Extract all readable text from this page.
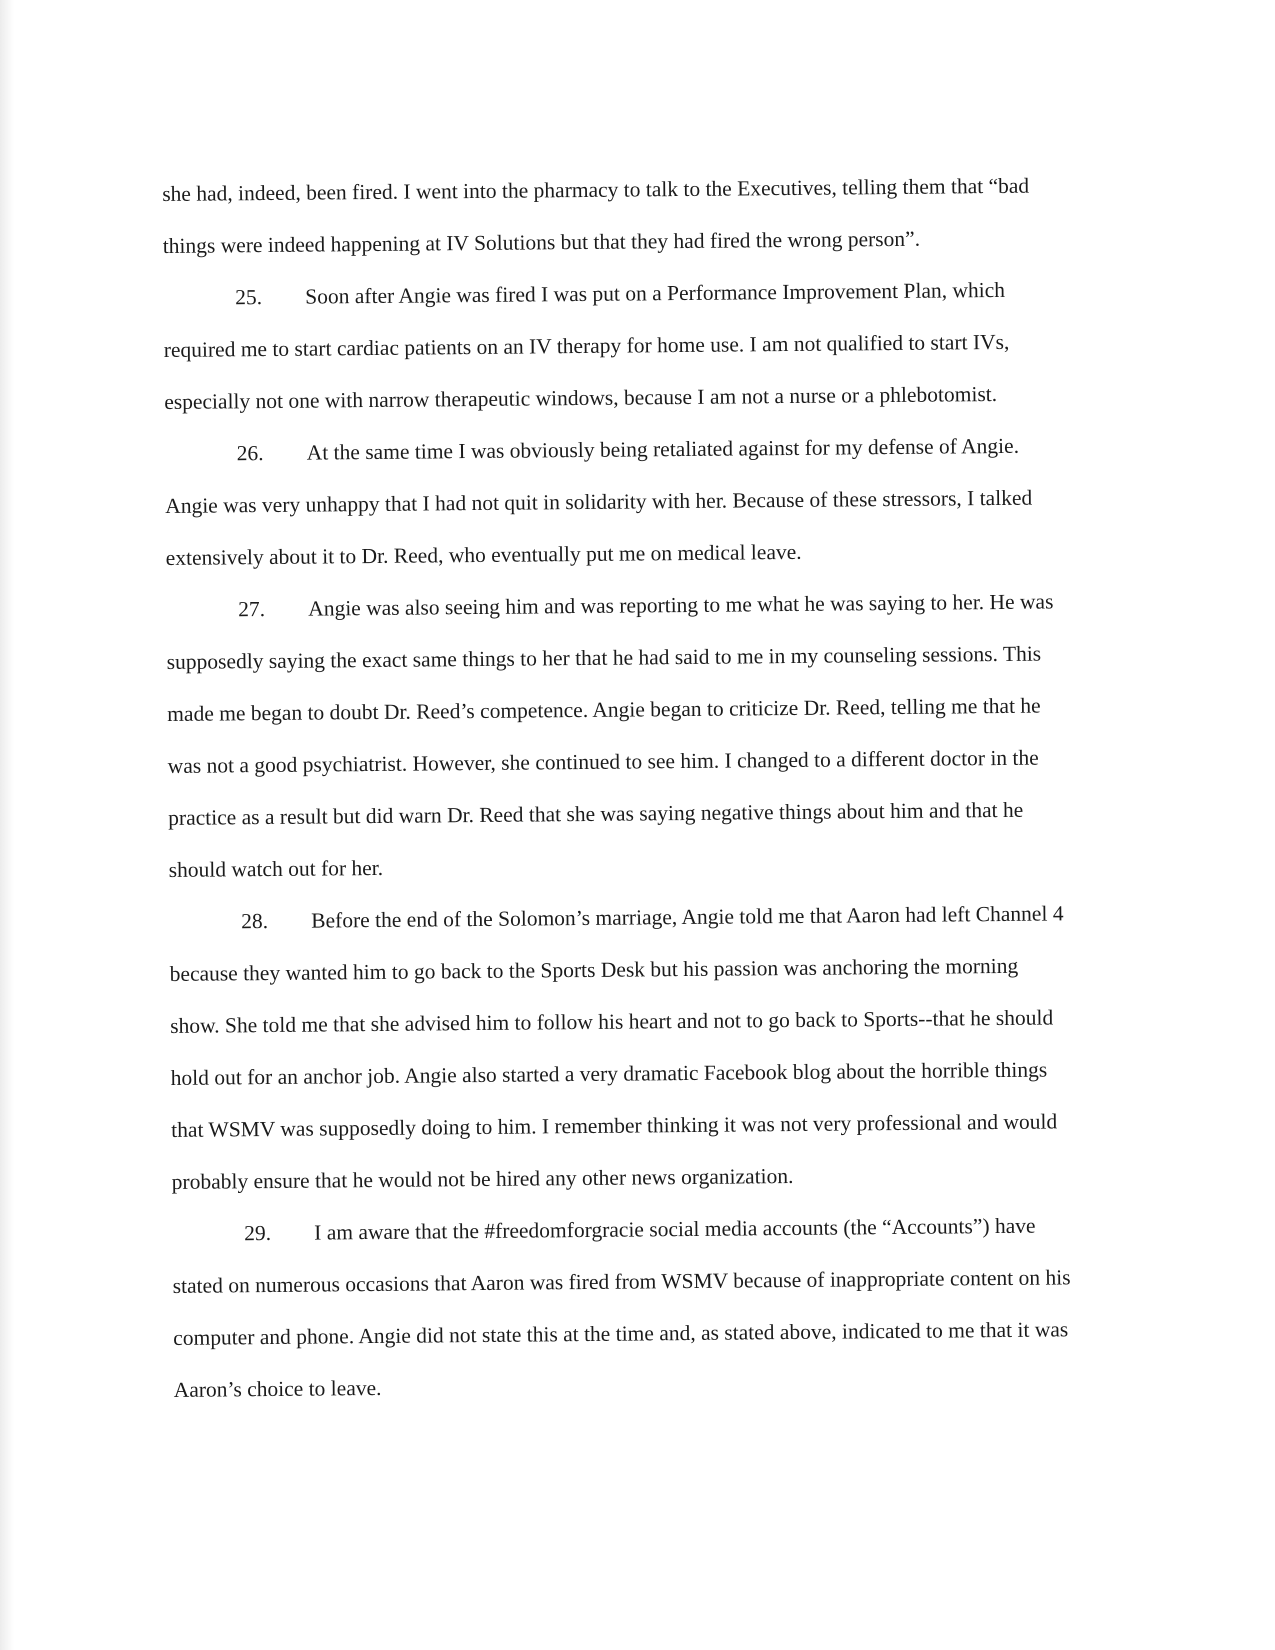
she had, indeed, been fired. I went into the pharmacy to talk to the Executives, telling them that “bad things were indeed happening at IV Solutions but that they had fired the wrong person”.

25. Soon after Angie was fired I was put on a Performance Improvement Plan, which required me to start cardiac patients on an IV therapy for home use. I am not qualified to start IVs, especially not one with narrow therapeutic windows, because I am not a nurse or a phlebotomist.

26. At the same time I was obviously being retaliated against for my defense of Angie. Angie was very unhappy that I had not quit in solidarity with her. Because of these stressors, I talked extensively about it to Dr. Reed, who eventually put me on medical leave.

27. Angie was also seeing him and was reporting to me what he was saying to her. He was supposedly saying the exact same things to her that he had said to me in my counseling sessions. This made me began to doubt Dr. Reed’s competence. Angie began to criticize Dr. Reed, telling me that he was not a good psychiatrist. However, she continued to see him. I changed to a different doctor in the practice as a result but did warn Dr. Reed that she was saying negative things about him and that he should watch out for her.

28. Before the end of the Solomon’s marriage, Angie told me that Aaron had left Channel 4 because they wanted him to go back to the Sports Desk but his passion was anchoring the morning show. She told me that she advised him to follow his heart and not to go back to Sports--that he should hold out for an anchor job. Angie also started a very dramatic Facebook blog about the horrible things that WSMV was supposedly doing to him. I remember thinking it was not very professional and would probably ensure that he would not be hired any other news organization.

29. I am aware that the #freedomforgracie social media accounts (the “Accounts”) have stated on numerous occasions that Aaron was fired from WSMV because of inappropriate content on his computer and phone. Angie did not state this at the time and, as stated above, indicated to me that it was Aaron’s choice to leave.
